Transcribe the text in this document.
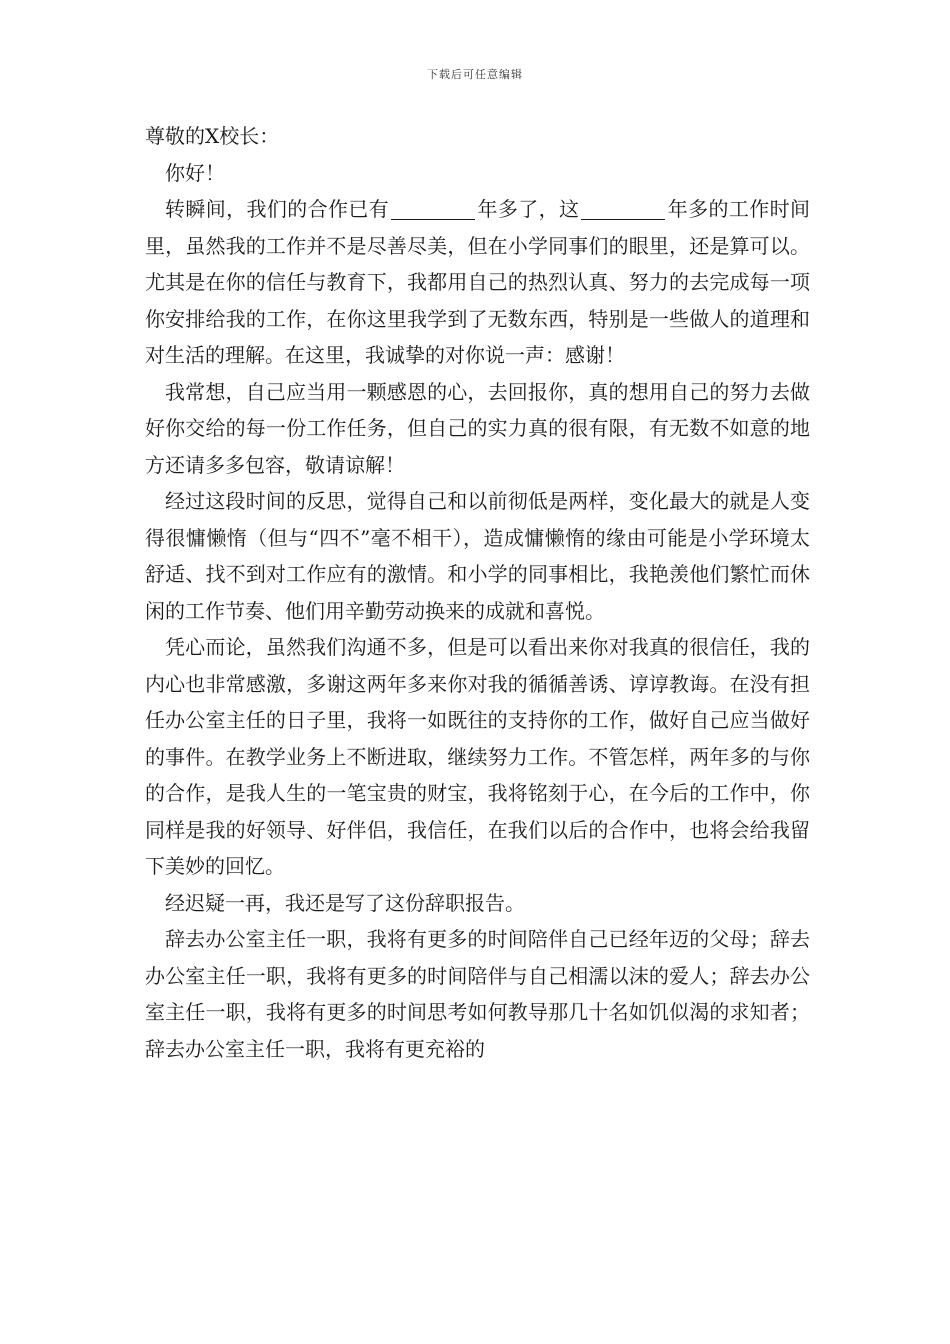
下载后可任意编辑

尊敬的X校长：

你好！

转瞬间，我们的合作已有	年多了，这	年多的工作时间里，虽然我的工作并不是尽善尽美，但在小学同事们的眼里，还是算可以。尤其是在你的信任与教育下，我都用自己的热烈认真、努力的去完成每一项你安排给我的工作，在你这里我学到了无数东西，特别是一些做人的道理和对生活的理解。在这里，我诚挚的对你说一声：感谢！

我常想，自己应当用一颗感恩的心，去回报你，真的想用自己的努力去做好你交给的每一份工作任务，但自己的实力真的很有限，有无数不如意的地方还请多多包容，敬请谅解！

经过这段时间的反思，觉得自己和以前彻低是两样，变化最大的就是人变得很慵懒惰（但与“四不”毫不相干），造成慵懒惰的缘由可能是小学环境太舒适、找不到对工作应有的激情。和小学的同事相比，我艳羡他们繁忙而休闲的工作节奏、他们用辛勤劳动换来的成就和喜悦。

凭心而论，虽然我们沟通不多，但是可以看出来你对我真的很信任，我的内心也非常感激，多谢这两年多来你对我的循循善诱、谆谆教诲。在没有担任办公室主任的日子里，我将一如既往的支持你的工作，做好自己应当做好的事件。在教学业务上不断进取，继续努力工作。不管怎样，两年多的与你的合作，是我人生的一笔宝贵的财宝，我将铭刻于心，在今后的工作中，你同样是我的好领导、好伴侣，我信任，在我们以后的合作中，也将会给我留下美妙的回忆。

经迟疑一再，我还是写了这份辞职报告。

辞去办公室主任一职，我将有更多的时间陪伴自己已经年迈的父母；辞去办公室主任一职，我将有更多的时间陪伴与自己相濡以沫的爱人；辞去办公室主任一职，我将有更多的时间思考如何教导那几十名如饥似渴的求知者；辞去办公室主任一职，我将有更充裕的
